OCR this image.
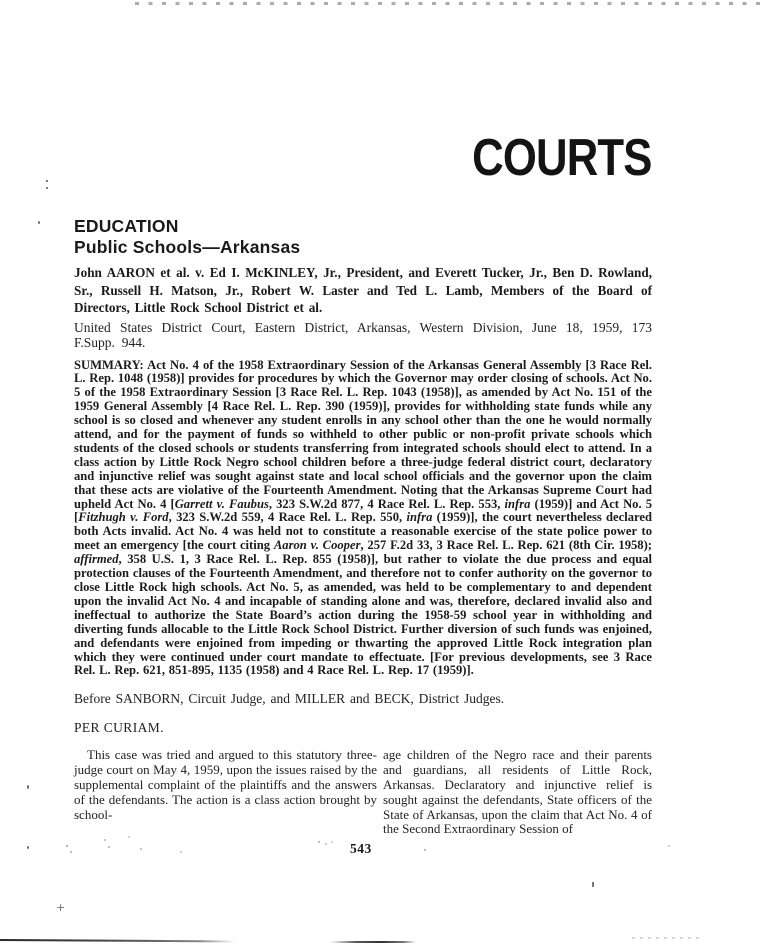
COURTS
EDUCATION
Public Schools—Arkansas

John AARON et al. v. Ed I. McKINLEY, Jr., President, and Everett Tucker, Jr., Ben D. Rowland, Sr., Russell H. Matson, Jr., Robert W. Laster and Ted L. Lamb, Members of the Board of Directors, Little Rock School District et al.

United States District Court, Eastern District, Arkansas, Western Division, June 18, 1959, 173 F.Supp. 944.

SUMMARY: Act No. 4 of the 1958 Extraordinary Session of the Arkansas General Assembly [3 Race Rel. L. Rep. 1048 (1958)] provides for procedures by which the Governor may order closing of schools. Act No. 5 of the 1958 Extraordinary Session [3 Race Rel. L. Rep. 1043 (1958)], as amended by Act No. 151 of the 1959 General Assembly [4 Race Rel. L. Rep. 390 (1959)], provides for withholding state funds while any school is so closed and whenever any student enrolls in any school other than the one he would normally attend, and for the payment of funds so withheld to other public or non-profit private schools which students of the closed schools or students transferring from integrated schools should elect to attend. In a class action by Little Rock Negro school children before a three-judge federal district court, declaratory and injunctive relief was sought against state and local school officials and the governor upon the claim that these acts are violative of the Fourteenth Amendment. Noting that the Arkansas Supreme Court had upheld Act No. 4 [Garrett v. Faubus, 323 S.W.2d 877, 4 Race Rel. L. Rep. 553, infra (1959)] and Act No. 5 [Fitzhugh v. Ford, 323 S.W.2d 559, 4 Race Rel. L. Rep. 550, infra (1959)], the court nevertheless declared both Acts invalid. Act No. 4 was held not to constitute a reasonable exercise of the state police power to meet an emergency [the court citing Aaron v. Cooper, 257 F.2d 33, 3 Race Rel. L. Rep. 621 (8th Cir. 1958); affirmed, 358 U.S. 1, 3 Race Rel. L. Rep. 855 (1958)], but rather to violate the due process and equal protection clauses of the Fourteenth Amendment, and therefore not to confer authority on the governor to close Little Rock high schools. Act No. 5, as amended, was held to be complementary to and dependent upon the invalid Act No. 4 and incapable of standing alone and was, therefore, declared invalid also and ineffectual to authorize the State Board’s action during the 1958-59 school year in withholding and diverting funds allocable to the Little Rock School District. Further diversion of such funds was enjoined, and defendants were enjoined from impeding or thwarting the approved Little Rock integration plan which they were continued under court mandate to effectuate. [For previous developments, see 3 Race Rel. L. Rep. 621, 851-895, 1135 (1958) and 4 Race Rel. L. Rep. 17 (1959)].

Before SANBORN, Circuit Judge, and MILLER and BECK, District Judges.

PER CURIAM.

This case was tried and argued to this statutory three-judge court on May 4, 1959, upon the issues raised by the supplemental complaint of the plaintiffs and the answers of the defendants. The action is a class action brought by school-

age children of the Negro race and their parents and guardians, all residents of Little Rock, Arkansas. Declaratory and injunctive relief is sought against the defendants, State officers of the State of Arkansas, upon the claim that Act No. 4 of the Second Extraordinary Session of

543
+
